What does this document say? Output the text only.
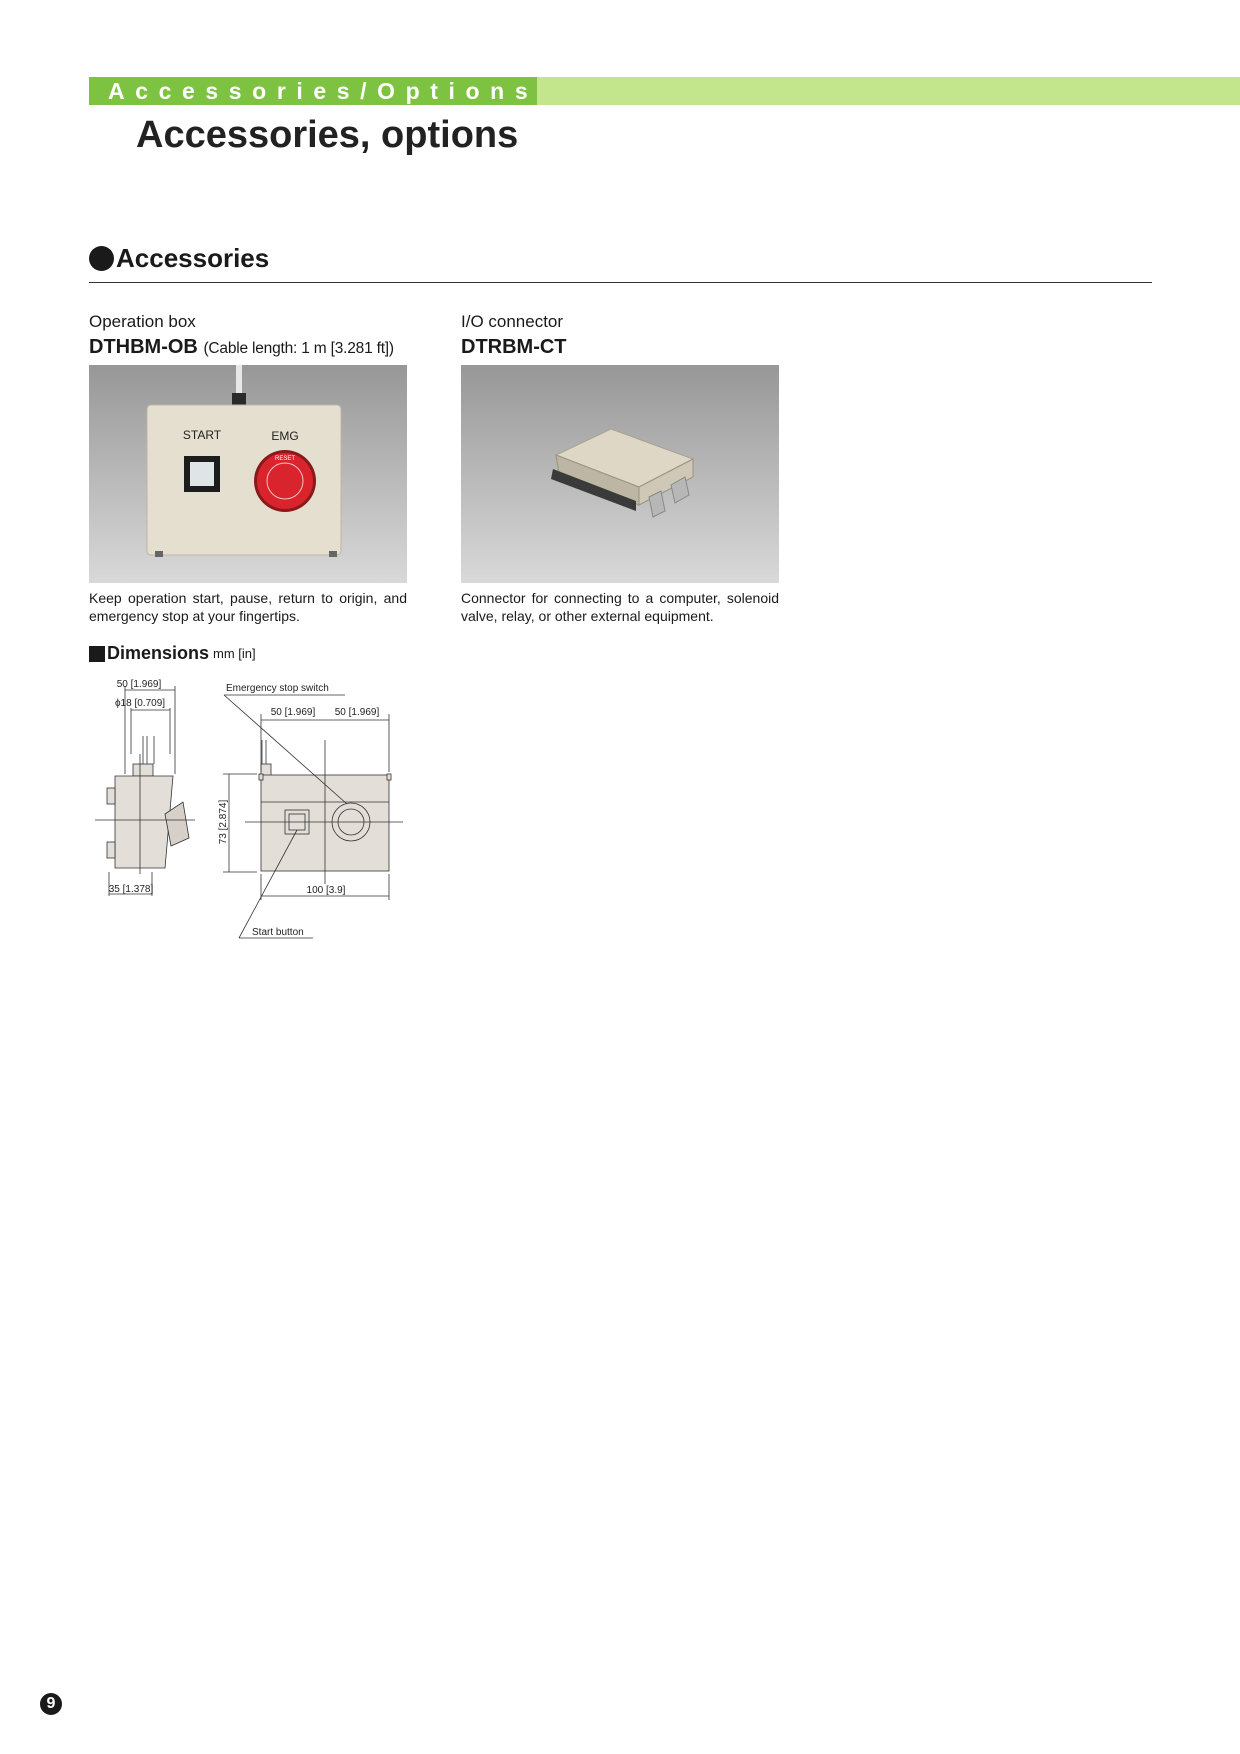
Accessories/Options
Accessories, options
Accessories
Operation box
DTHBM-OB (Cable length: 1 m [3.281 ft])
START	EMG
RESET
Keep operation start, pause, return to origin, and emergency stop at your fingertips.
I/O connector
DTRBM-CT
Connector for connecting to a computer, solenoid valve, relay, or other external equipment.
Dimensions mm [in]
50 [1.969]
ϕ18 [0.709]
Emergency stop switch
50 [1.969] 50 [1.969]
73 [2.874]
35 [1.378]	100 [3.9]
Start button
9
